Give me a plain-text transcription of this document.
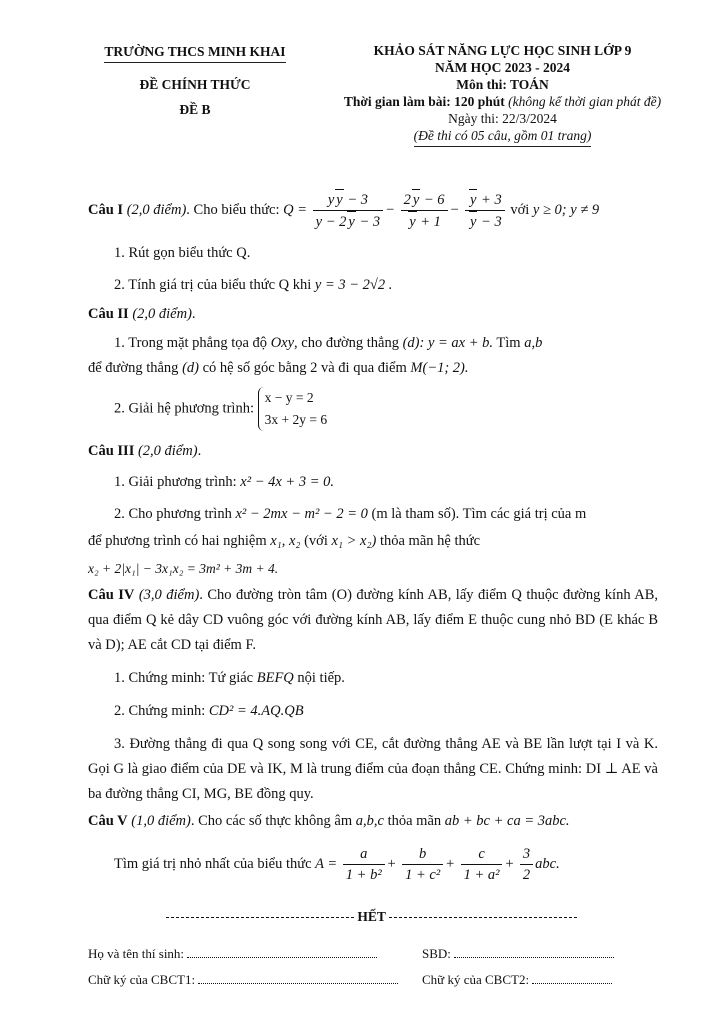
TRƯỜNG THCS MINH KHAI
ĐỀ CHÍNH THỨC
ĐỀ B
KHẢO SÁT NĂNG LỰC HỌC SINH LỚP 9
NĂM HỌC 2023 - 2024
Môn thi: TOÁN
Thời gian làm bài: 120 phút (không kể thời gian phát đề)
Ngày thi: 22/3/2024
(Đề thi có 05 câu, gồm 01 trang)
Câu I (2,0 điểm). Cho biểu thức: $Q = \frac{\text{y y − 3}}{y - 2 y - 3} - \frac{2 y - 6}{y + 1} - \frac{y + 3}{y - 3}$ với y ≥ 0; y ≠ 9
1. Rút gọn biểu thức Q.
2. Tính giá trị của biểu thức Q khi y = 3 − 2√2 .
Câu II (2,0 điểm).
1. Trong mặt phẳng tọa độ Oxy, cho đường thẳng (d): y = ax + b. Tìm a,b
để đường thẳng (d) có hệ số góc bằng 2 và đi qua điểm M(−1; 2).
2. Giải hệ phương trình:
x − y = 2
3x + 2y = 6
Câu III (2,0 điểm).
1. Giải phương trình: x² − 4x + 3 = 0.
2. Cho phương trình x² − 2mx − m² − 2 = 0 (m là tham số). Tìm các giá trị của m
để phương trình có hai nghiệm x₁, x₂ (với x₁ > x₂) thỏa mãn hệ thức
x₂ + 2|x₁| − 3x₁x₂ = 3m² + 3m + 4.
Câu IV (3,0 điểm). Cho đường tròn tâm (O) đường kính AB, lấy điểm Q thuộc đường kính AB, qua điểm Q kẻ dây CD vuông góc với đường kính AB, lấy điểm E thuộc cung nhỏ BD (E khác B và D); AE cắt CD tại điểm F.
1. Chứng minh: Tứ giác BEFQ nội tiếp.
2. Chứng minh: CD² = 4.AQ.QB
3. Đường thẳng đi qua Q song song với CE, cắt đường thẳng AE và BE lần lượt tại I và K. Gọi G là giao điểm của DE và IK, M là trung điểm của đoạn thẳng CE. Chứng minh: DI ⊥ AE và ba đường thẳng CI, MG, BE đồng quy.
Câu V (1,0 điểm). Cho các số thực không âm a,b,c thỏa mãn ab + bc + ca = 3abc.
Tìm giá trị nhỏ nhất của biểu thức $A = \frac{a}{\text{1 + b²}} + \frac{b}{\text{1 + c²}} + \frac{c}{\text{1 + a²}} + \frac{3}{2}$ abc.
HẾT
Họ và tên thí sinh:	SBD:
Chữ ký của CBCT1:	Chữ ký của CBCT2:
